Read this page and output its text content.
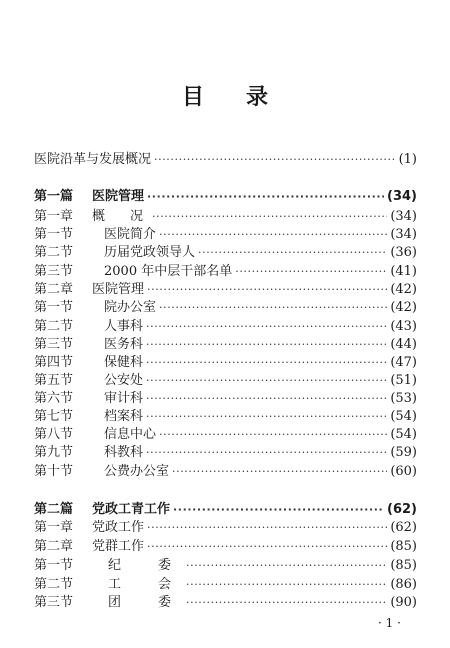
目 录
医院沿革与发展概况 ·····	(1)
第一篇	医院管理 ·····	(34)
第一章	概　况 ·····	(34)
第一节	医院简介 ·····	(34)
第二节	历届党政领导人 ·····	(36)
第三节	2000 年中层干部名单 ·····	(41)
第二章	医院管理 ·····	(42)
第一节	院办公室 ·····	(42)
第二节	人事科 ·····	(43)
第三节	医务科 ·····	(44)
第四节	保健科 ·····	(47)
第五节	公安处 ·····	(51)
第六节	审计科 ·····	(53)
第七节	档案科 ·····	(54)
第八节	信息中心 ·····	(54)
第九节	科教科 ·····	(59)
第十节	公费办公室 ·····	(60)
第二篇	党政工青工作 ·····	(62)
第一章	党政工作 ·····	(62)
第二章	党群工作 ·····	(85)
第一节	纪　委 ·····	(85)
第二节	工　会 ·····	(86)
第三节	团　委 ·····	(90)
· 1 ·
